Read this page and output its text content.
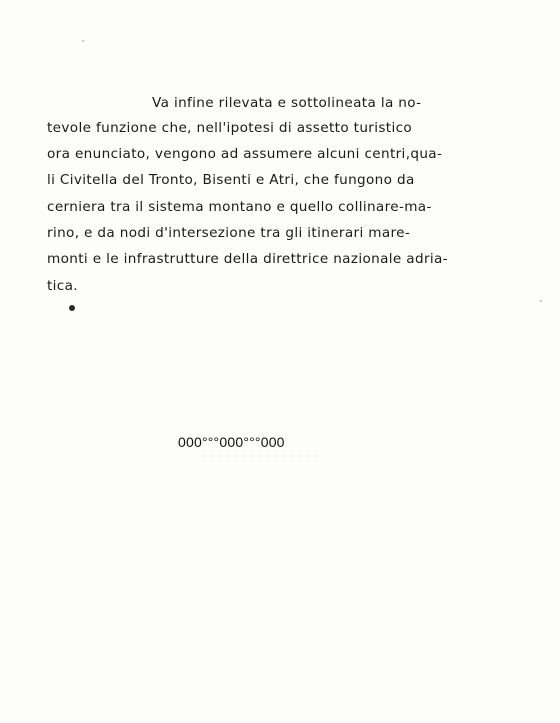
Va infine rilevata e sottolineata la no-
tevole funzione che, nell'ipotesi di assetto turistico
ora enunciato, vengono ad assumere alcuni centri,qua-
li Civitella del Tronto, Bisenti e Atri, che fungono da
cerniera tra il sistema montano e quello collinare-ma-
rino, e da nodi d'intersezione tra gli itinerari mare-
monti e le infrastrutture della direttrice nazionale adria-
tica.
000°°°000°°°000
